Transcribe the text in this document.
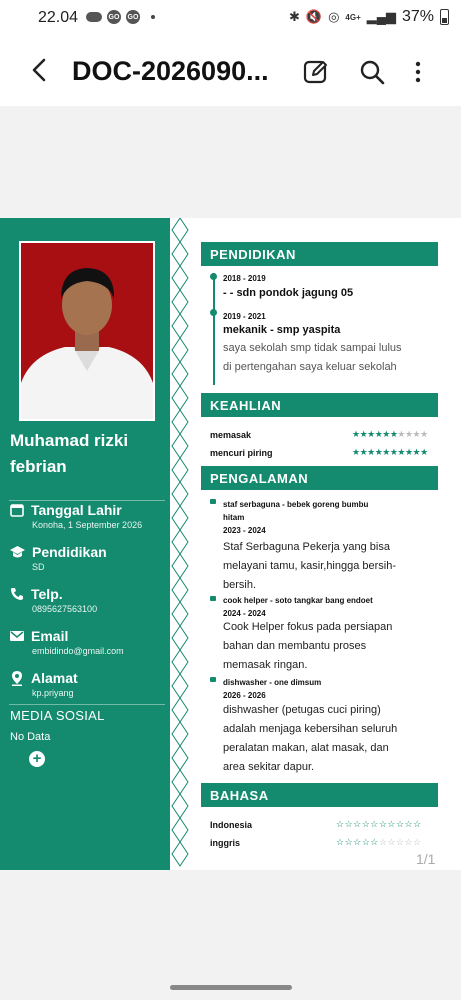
22.04	GO GO	✱ 🔇 ◎ 4G+ ▂▄▆ 37%
DOC-2026090...
Muhamad rizki
febrian
Tanggal Lahir
Konoha, 1 September 2026
Pendidikan
SD
Telp.
0895627563100
Email
embidindo@gmail.com
Alamat
kp.priyang
MEDIA SOSIAL
No Data
+
PENDIDIKAN
2018 - 2019
- - sdn pondok jagung 05
2019 - 2021
mekanik - smp yaspita
saya sekolah smp tidak sampai lulus
di pertengahan saya keluar sekolah
KEAHLIAN
memasak	★★★★★★★★★★
mencuri piring	★★★★★★★★★★
PENGALAMAN
staf serbaguna - bebek goreng bumbu
hitam
2023 - 2024
Staf Serbaguna Pekerja yang bisa
melayani tamu, kasir,hingga bersih-
bersih.
cook helper - soto tangkar bang endoet
2024 - 2024
Cook Helper fokus pada persiapan
bahan dan membantu proses
memasak ringan.
dishwasher - one dimsum
2026 - 2026
dishwasher (petugas cuci piring)
adalah menjaga kebersihan seluruh
peralatan makan, alat masak, dan
area sekitar dapur.
BAHASA
Indonesia	☆☆☆☆☆☆☆☆☆☆
inggris	☆☆☆☆☆☆☆☆☆☆
1/1
